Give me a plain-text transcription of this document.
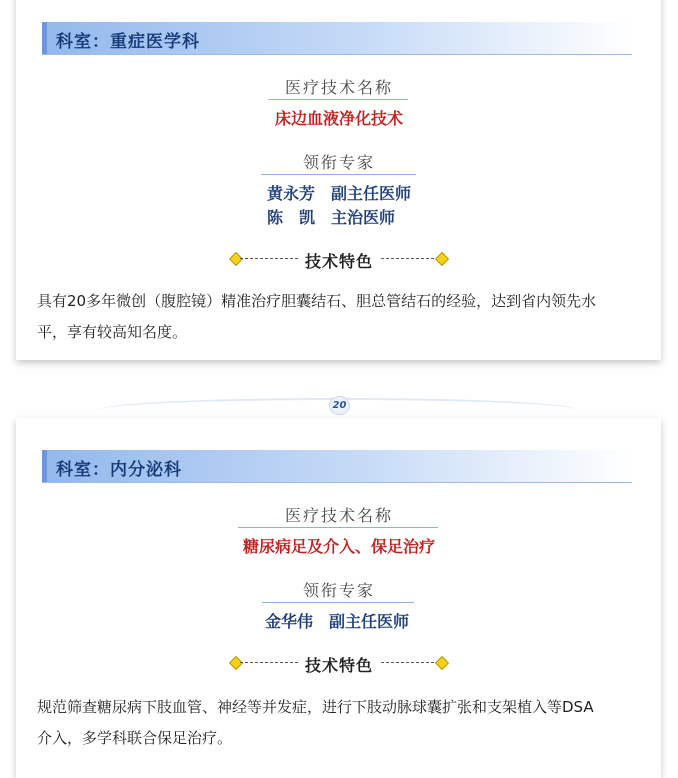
科室：重症医学科
医疗技术名称
床边血液净化技术
领衔专家
黄永芳　副主任医师
陈　凯　主治医师
技术特色
具有20多年微创（腹腔镜）精准治疗胆囊结石、胆总管结石的经验，达到省内领先水
平，享有较高知名度。
20
科室：内分泌科
医疗技术名称
糖尿病足及介入、保足治疗
领衔专家
金华伟　副主任医师
技术特色
规范筛查糖尿病下肢血管、神经等并发症，进行下肢动脉球囊扩张和支架植入等DSA
介入，多学科联合保足治疗。
